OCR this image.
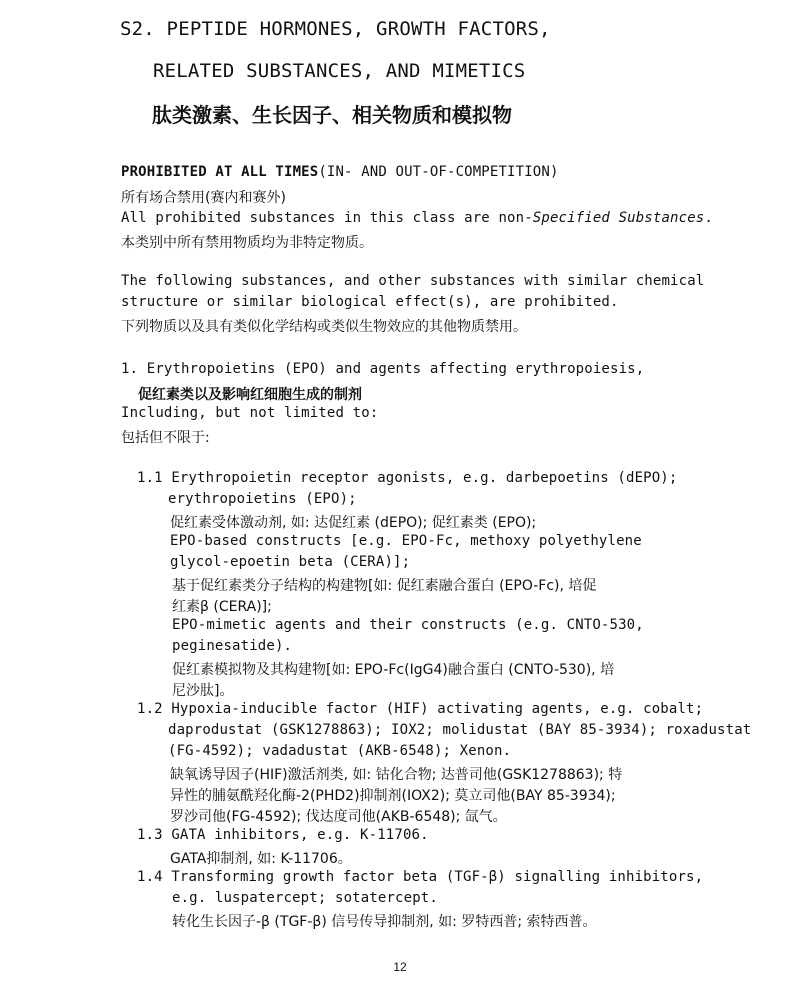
S2. PEPTIDE HORMONES, GROWTH FACTORS,
RELATED SUBSTANCES, AND MIMETICS
肽类激素、生长因子、相关物质和模拟物
PROHIBITED AT ALL TIMES(IN- AND OUT-OF-COMPETITION)
所有场合禁用(赛内和赛外)
All prohibited substances in this class are non-Specified Substances.
本类别中所有禁用物质均为非特定物质。
The following substances, and other substances with similar chemical
structure or similar biological effect(s), are prohibited.
下列物质以及具有类似化学结构或类似生物效应的其他物质禁用。
1. Erythropoietins (EPO) and agents affecting erythropoiesis,
促红素类以及影响红细胞生成的制剂
Including, but not limited to:
包括但不限于:
1.1 Erythropoietin receptor agonists, e.g. darbepoetins (dEPO);
erythropoietins (EPO);
促红素受体激动剂, 如: 达促红素 (dEPO); 促红素类 (EPO);
EPO-based constructs [e.g. EPO-Fc, methoxy polyethylene
glycol-epoetin beta (CERA)];
基于促红素类分子结构的构建物[如: 促红素融合蛋白 (EPO-Fc), 培促
红素β (CERA)];
EPO-mimetic agents and their constructs (e.g. CNTO-530,
peginesatide).
促红素模拟物及其构建物[如: EPO-Fc(IgG4)融合蛋白 (CNTO-530), 培
尼沙肽]。
1.2 Hypoxia-inducible factor (HIF) activating agents, e.g. cobalt;
daprodustat (GSK1278863); IOX2; molidustat (BAY 85-3934); roxadustat
(FG-4592); vadadustat (AKB-6548); Xenon.
缺氧诱导因子(HIF)激活剂类, 如: 钴化合物; 达普司他(GSK1278863); 特
异性的脯氨酰羟化酶-2(PHD2)抑制剂(IOX2); 莫立司他(BAY 85-3934);
罗沙司他(FG-4592); 伐达度司他(AKB-6548); 氙气。
1.3 GATA inhibitors, e.g. K-11706.
GATA抑制剂, 如: K-11706。
1.4 Transforming growth factor beta (TGF-β) signalling inhibitors,
e.g. luspatercept; sotatercept.
转化生长因子-β (TGF-β) 信号传导抑制剂, 如: 罗特西普; 索特西普。
12
